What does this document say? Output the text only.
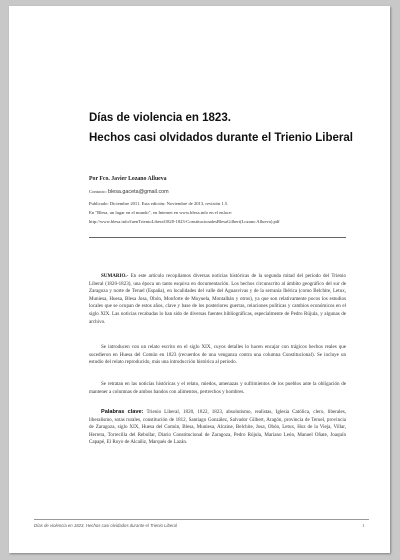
Días de violencia en 1823.
Hechos casi olvidados durante el Trienio Liberal
Por Fco. Javier Lozano Allueva
Contacto: blesa.gaceta@gmail.com
Publicado: Diciembre 2011. Esta edición: Noviembre de 2013, revisión 1.5.
En "Blesa, un lugar en el mundo", en Internet en www.blesa.info en el enlace:
http://www.blesa.info/fuenTrienioLiberal1820-1823-ConstitucionalesBlesaGilbert(Lozano Allueva).pdf

SUMARIO.- En este artículo recopilamos diversas noticias históricas de la segunda mitad del periodo del Trienio Liberal (1820-1823), una época un tanto esquiva en documentación. Los hechos circunscrito al ámbito geográfico del sur de Zaragoza y norte de Teruel (España), en localidades del valle del Aguasvivas y de la serranía Ibérica (como Belchite, Letux, Muniesa, Huesa, Blesa Josa, Obón, Monforte de Moyuela, Montalbán y otros), ya que son relativamente pocos los estudios locales que se ocupan de estos años, clave y base de los posteriores guerras, relaciones políticas y cambios económicos en el siglo XIX. Las noticias recabadas lo han sido de diversas fuentes bibliográficas, especialmente de Pedro Rújula, y algunas de archivo.

Se introducen con un relato escrito en el siglo XIX, cuyos detalles lo hacen encajar con trágicos hechos reales que sucedieron en Huesa del Común en 1823 (recuerdos de una venganza contra una columna Constitucional). Se incluye un estudio del relato reproducido, más una introducción histórica al periodo.

Se retratan en las noticias históricas y el relato, miedos, amenazas y sufrimientos de los pueblos ante la obligación de mantener a columnas de ambos bandos con alimentos, pertrechos y hombres.

Palabras clave: Trienio Liberal, 1820, 1822, 1823, absolutismo, realistas, Iglesia Católica, clero, liberales, liberalismo, sotas rurales, constitución de 1812, Santiago González, Salvador Gilbert, Aragón, provincia de Teruel, provincia de Zaragoza, siglo XIX, Huesa del Común, Blesa, Muniesa, Alcaine, Belchite, Josa, Obón, Letux, Hoz de la Vieja, Villar, Herrera, Torrecilla del Rebollar, Diario Constitucional de Zaragoza, Pedro Rújula, Mariano León, Manuel Oñate, Joaquín Capapé, El Royo de Alcañiz, Marqués de Lazán.

Días de violencia en 1823. Hechos casi olvidados durante el Trienio Liberal	1
